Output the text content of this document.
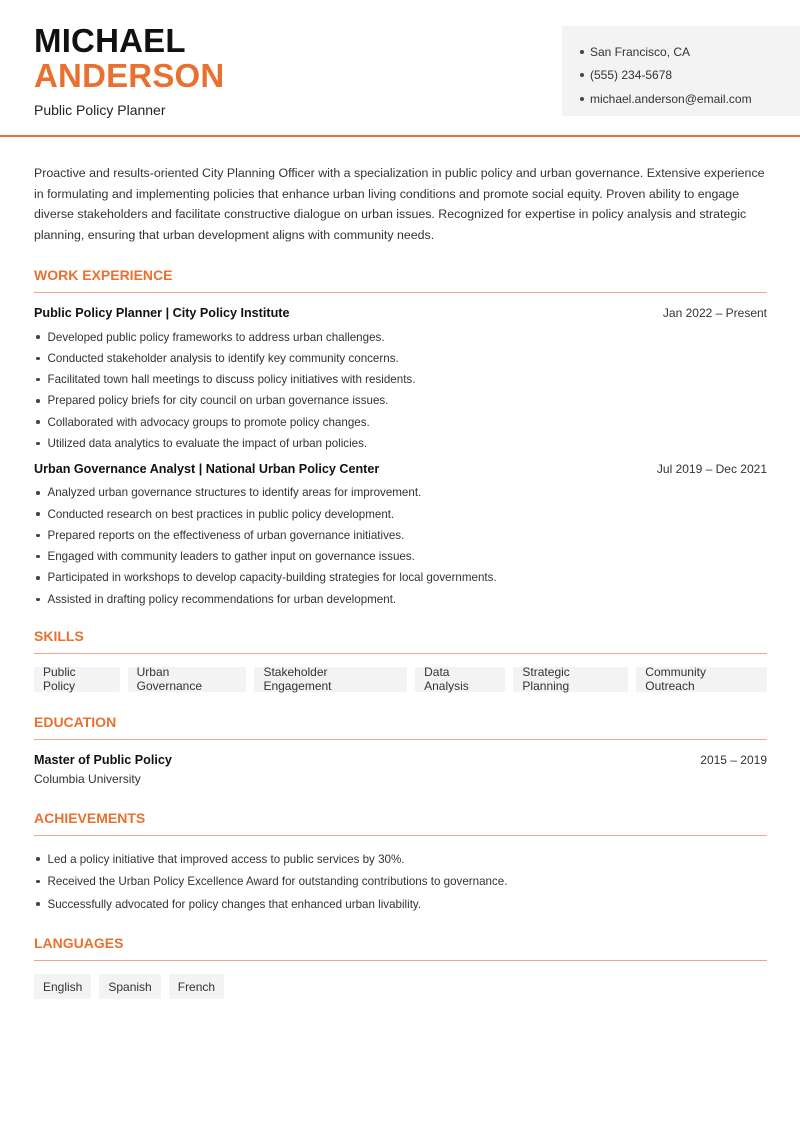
MICHAEL
ANDERSON
Public Policy Planner
San Francisco, CA
(555) 234-5678
michael.anderson@email.com

Proactive and results-oriented City Planning Officer with a specialization in public policy and urban governance. Extensive experience in formulating and implementing policies that enhance urban living conditions and promote social equity. Proven ability to engage diverse stakeholders and facilitate constructive dialogue on urban issues. Recognized for expertise in policy analysis and strategic planning, ensuring that urban development aligns with community needs.

WORK EXPERIENCE
Public Policy Planner | City Policy Institute	Jan 2022 – Present
Developed public policy frameworks to address urban challenges.
Conducted stakeholder analysis to identify key community concerns.
Facilitated town hall meetings to discuss policy initiatives with residents.
Prepared policy briefs for city council on urban governance issues.
Collaborated with advocacy groups to promote policy changes.
Utilized data analytics to evaluate the impact of urban policies.
Urban Governance Analyst | National Urban Policy Center	Jul 2019 – Dec 2021
Analyzed urban governance structures to identify areas for improvement.
Conducted research on best practices in public policy development.
Prepared reports on the effectiveness of urban governance initiatives.
Engaged with community leaders to gather input on governance issues.
Participated in workshops to develop capacity-building strategies for local governments.
Assisted in drafting policy recommendations for urban development.
SKILLS
Public Policy
Urban Governance
Stakeholder Engagement
Data Analysis
Strategic Planning
Community Outreach
EDUCATION
Master of Public Policy	2015 – 2019
Columbia University
ACHIEVEMENTS
Led a policy initiative that improved access to public services by 30%.
Received the Urban Policy Excellence Award for outstanding contributions to governance.
Successfully advocated for policy changes that enhanced urban livability.
LANGUAGES
English	Spanish	French
